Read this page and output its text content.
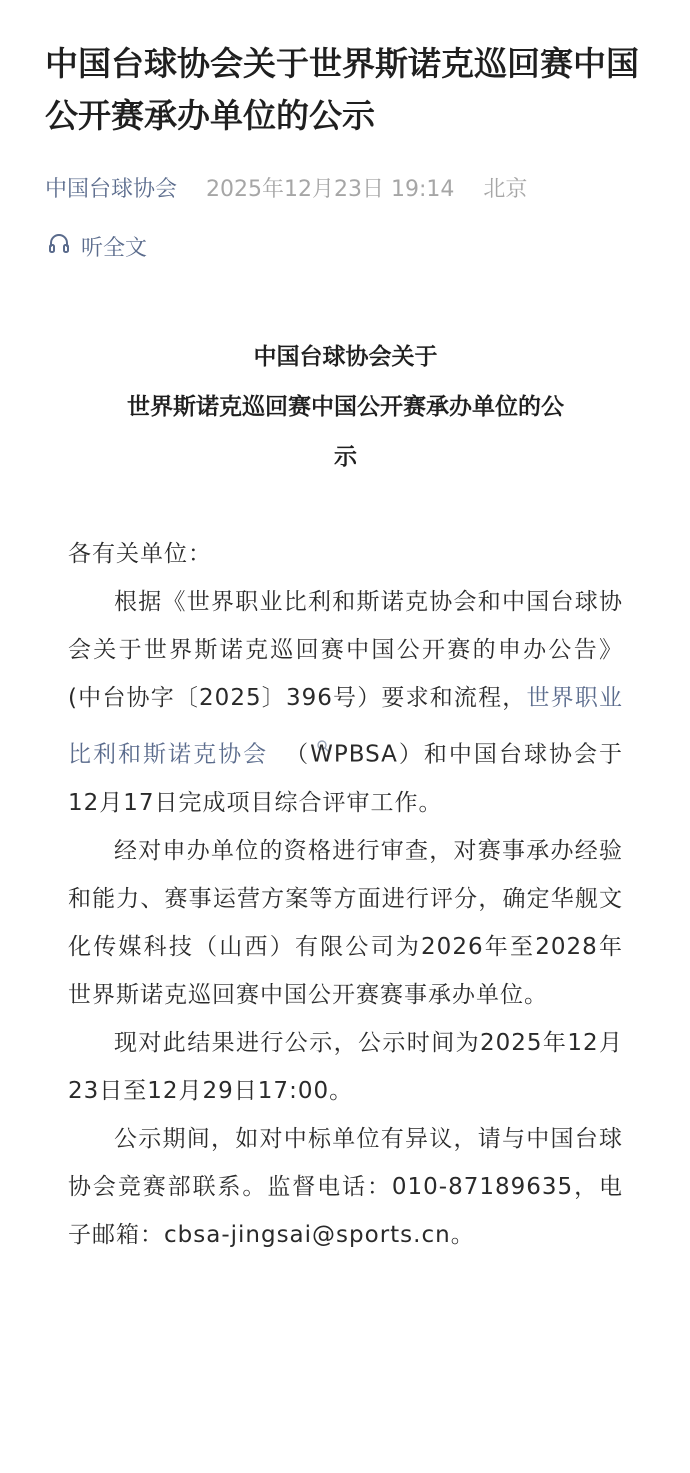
中国台球协会关于世界斯诺克巡回赛中国公开赛承办单位的公示
中国台球协会 2025年12月23日 19:14 北京
听全文
中国台球协会关于
世界斯诺克巡回赛中国公开赛承办单位的公
示

各有关单位：

根据《世界职业比利和斯诺克协会和中国台球协会关于世界斯诺克巡回赛中国公开赛的申办公告》(中台协字〔2025〕396号）要求和流程，世界职业比利和斯诺克协会 （WPBSA）和中国台球协会于12月17日完成项目综合评审工作。

经对申办单位的资格进行审查，对赛事承办经验和能力、赛事运营方案等方面进行评分，确定华舰文化传媒科技（山西）有限公司为2026年至2028年世界斯诺克巡回赛中国公开赛赛事承办单位。

现对此结果进行公示，公示时间为2025年12月23日至12月29日17:00。

公示期间，如对中标单位有异议，请与中国台球协会竞赛部联系。监督电话：010-87189635，电子邮箱：cbsa-jingsai@sports.cn。
